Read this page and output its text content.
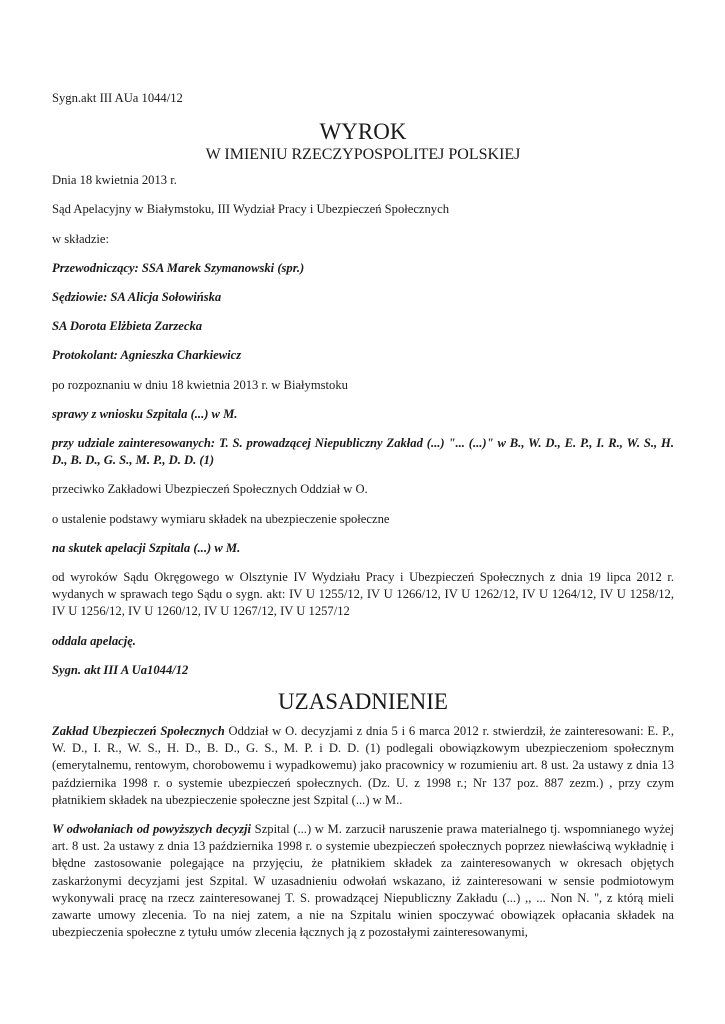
Sygn.akt III AUa 1044/12

WYROK

W IMIENIU RZECZYPOSPOLITEJ POLSKIEJ

Dnia 18 kwietnia 2013 r.

Sąd Apelacyjny w Białymstoku, III Wydział Pracy i Ubezpieczeń Społecznych

w składzie:

Przewodniczący: SSA Marek Szymanowski (spr.)

Sędziowie: SA Alicja Sołowińska

SA Dorota Elżbieta Zarzecka

Protokolant: Agnieszka Charkiewicz

po rozpoznaniu w dniu 18 kwietnia 2013 r. w Białymstoku

sprawy z wniosku Szpitala (...) w M.

przy udziale zainteresowanych: T. S. prowadzącej Niepubliczny Zakład (...) "... (...)" w B., W. D., E. P., I. R., W. S., H. D., B. D., G. S., M. P., D. D. (1)

przeciwko Zakładowi Ubezpieczeń Społecznych Oddział w O.

o ustalenie podstawy wymiaru składek na ubezpieczenie społeczne

na skutek apelacji Szpitala (...) w M.

od wyroków Sądu Okręgowego w Olsztynie IV Wydziału Pracy i Ubezpieczeń Społecznych z dnia 19 lipca 2012 r. wydanych w sprawach tego Sądu o sygn. akt: IV U 1255/12, IV U 1266/12, IV U 1262/12, IV U 1264/12, IV U 1258/12, IV U 1256/12, IV U 1260/12, IV U 1267/12, IV U 1257/12

oddala apelację.

Sygn. akt III A Ua1044/12

UZASADNIENIE

Zakład Ubezpieczeń Społecznych Oddział w O. decyzjami z dnia 5 i 6 marca 2012 r. stwierdził, że zainteresowani: E. P., W. D., I. R., W. S., H. D., B. D., G. S., M. P. i D. D. (1) podlegali obowiązkowym ubezpieczeniom społecznym (emerytalnemu, rentowym, chorobowemu i wypadkowemu) jako pracownicy w rozumieniu art. 8 ust. 2a ustawy z dnia 13 października 1998 r. o systemie ubezpieczeń społecznych. (Dz. U. z 1998 r.; Nr 137 poz. 887 zezm.) , przy czym płatnikiem składek na ubezpieczenie społeczne jest Szpital (...) w M..

W odwołaniach od powyższych decyzji Szpital (...) w M. zarzucił naruszenie prawa materialnego tj. wspomnianego wyżej art. 8 ust. 2a ustawy z dnia 13 października 1998 r. o systemie ubezpieczeń społecznych poprzez niewłaściwą wykładnię i błędne zastosowanie polegające na przyjęciu, że płatnikiem składek za zainteresowanych w okresach objętych zaskarżonymi decyzjami jest Szpital. W uzasadnieniu odwołań wskazano, iż zainteresowani w sensie podmiotowym wykonywali pracę na rzecz zainteresowanej T. S. prowadzącej Niepubliczny Zakładu (...) ,, ... Non N. '', z którą mieli zawarte umowy zlecenia. To na niej zatem, a nie na Szpitalu winien spoczywać obowiązek opłacania składek na ubezpieczenia społeczne z tytułu umów zlecenia łącznych ją z pozostałymi zainteresowanymi,
